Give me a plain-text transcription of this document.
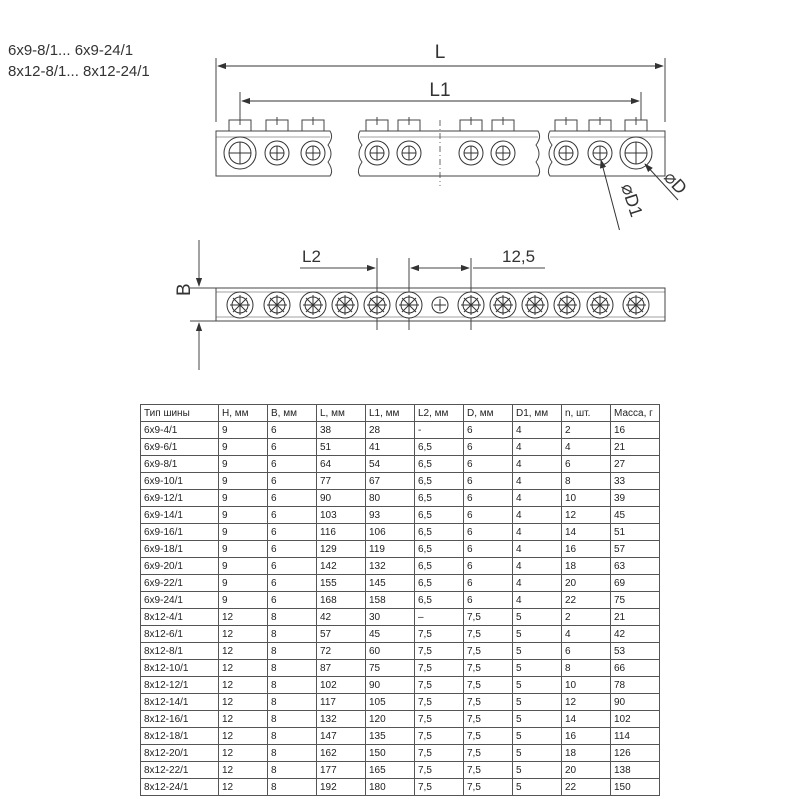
6x9-8/1... 6x9-24/1
8x12-8/1... 8x12-24/1
L
L1
⌀D1 ⌀D
B
L2	12,5
Тип шины	H, мм	B, мм	L, мм	L1, мм	L2, мм	D, мм	D1, мм	n, шт.	Масса, г
6x9-4/1	9	6	38	28	-	6	4	2	16
6x9-6/1	9	6	51	41	6,5	6	4	4	21
6x9-8/1	9	6	64	54	6,5	6	4	6	27
6x9-10/1	9	6	77	67	6,5	6	4	8	33
6x9-12/1	9	6	90	80	6,5	6	4	10	39
6x9-14/1	9	6	103	93	6,5	6	4	12	45
6x9-16/1	9	6	116	106	6,5	6	4	14	51
6x9-18/1	9	6	129	119	6,5	6	4	16	57
6x9-20/1	9	6	142	132	6,5	6	4	18	63
6x9-22/1	9	6	155	145	6,5	6	4	20	69
6x9-24/1	9	6	168	158	6,5	6	4	22	75
8x12-4/1	12	8	42	30	–	7,5	5	2	21
8x12-6/1	12	8	57	45	7,5	7,5	5	4	42
8x12-8/1	12	8	72	60	7,5	7,5	5	6	53
8x12-10/1	12	8	87	75	7,5	7,5	5	8	66
8x12-12/1	12	8	102	90	7,5	7,5	5	10	78
8x12-14/1	12	8	117	105	7,5	7,5	5	12	90
8x12-16/1	12	8	132	120	7,5	7,5	5	14	102
8x12-18/1	12	8	147	135	7,5	7,5	5	16	114
8x12-20/1	12	8	162	150	7,5	7,5	5	18	126
8x12-22/1	12	8	177	165	7,5	7,5	5	20	138
8x12-24/1	12	8	192	180	7,5	7,5	5	22	150
